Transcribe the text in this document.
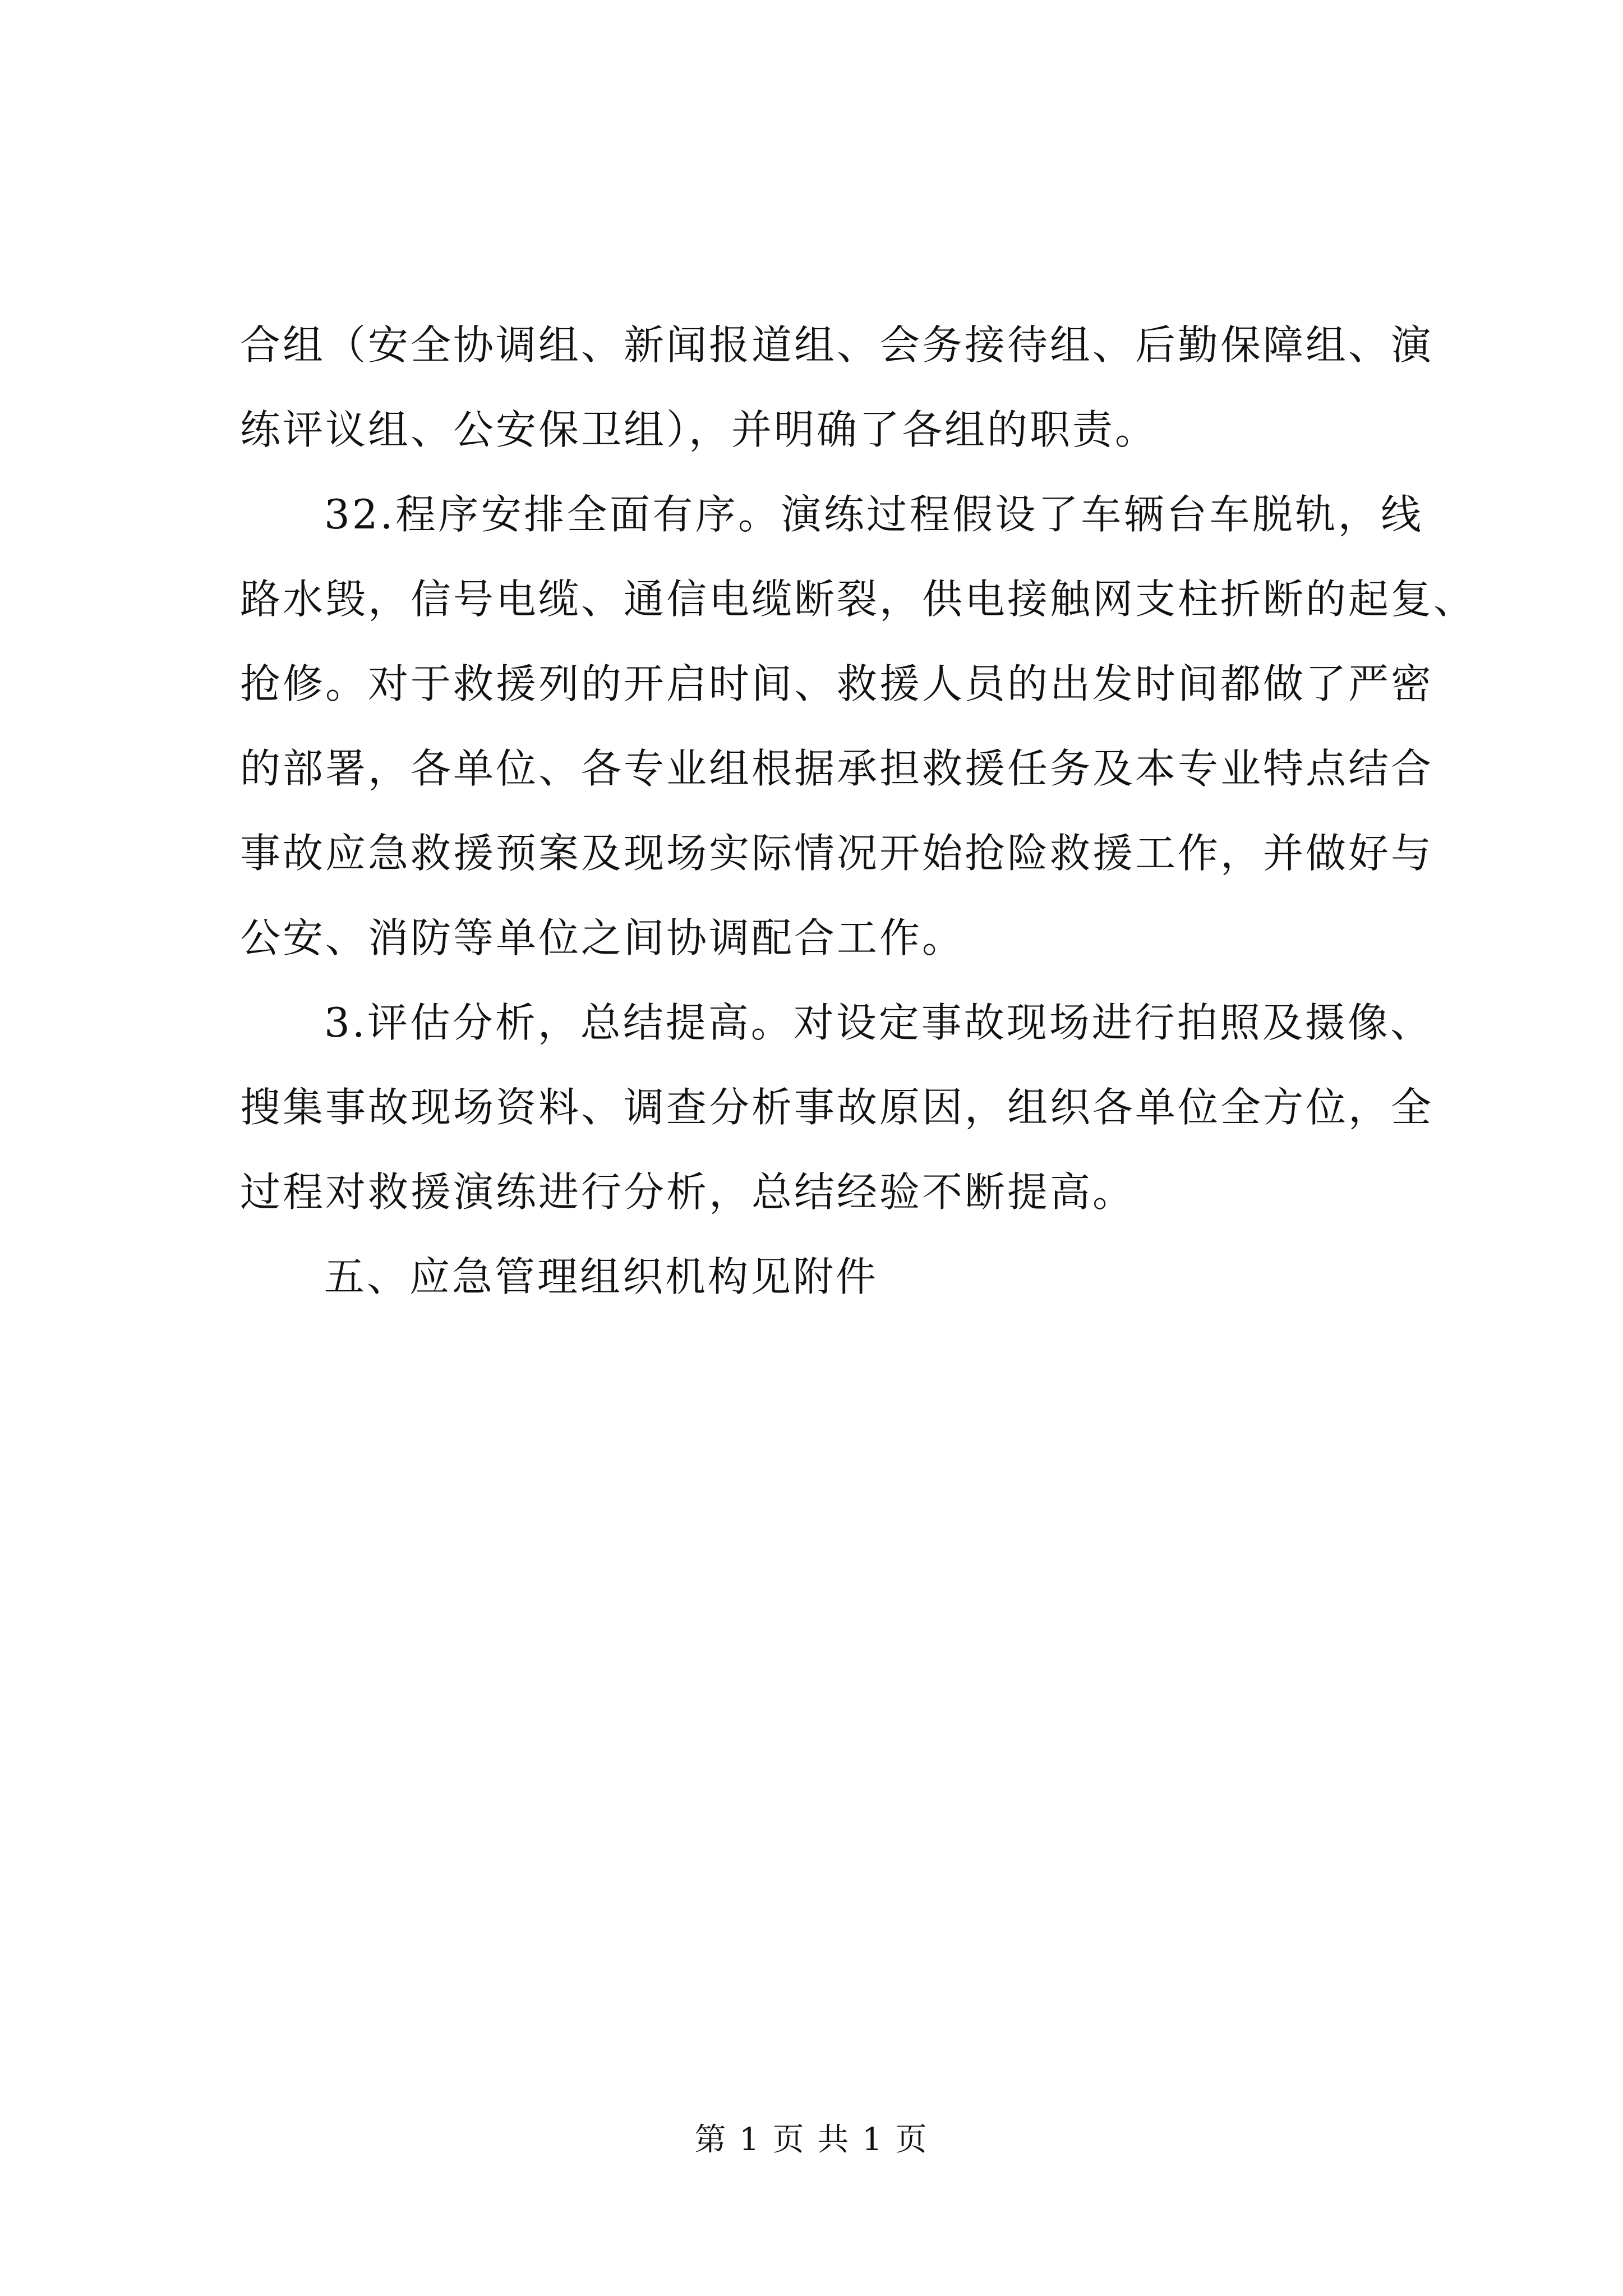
合组（安全协调组、新闻报道组、会务接待组、后勤保障组、演
练评议组、公安保卫组），并明确了各组的职责。
32.程序安排全面有序。演练过程假设了车辆台车脱轨，线
路水毁，信号电缆、通信电缆断裂，供电接触网支柱折断的起复、
抢修。对于救援列的开启时间、救援人员的出发时间都做了严密
的部署，各单位、各专业组根据承担救援任务及本专业特点结合
事故应急救援预案及现场实际情况开始抢险救援工作，并做好与
公安、消防等单位之间协调配合工作。
3.评估分析，总结提高。对设定事故现场进行拍照及摄像、
搜集事故现场资料、调查分析事故原因，组织各单位全方位，全
过程对救援演练进行分析，总结经验不断提高。
五、应急管理组织机构见附件
第 1 页 共 1 页
